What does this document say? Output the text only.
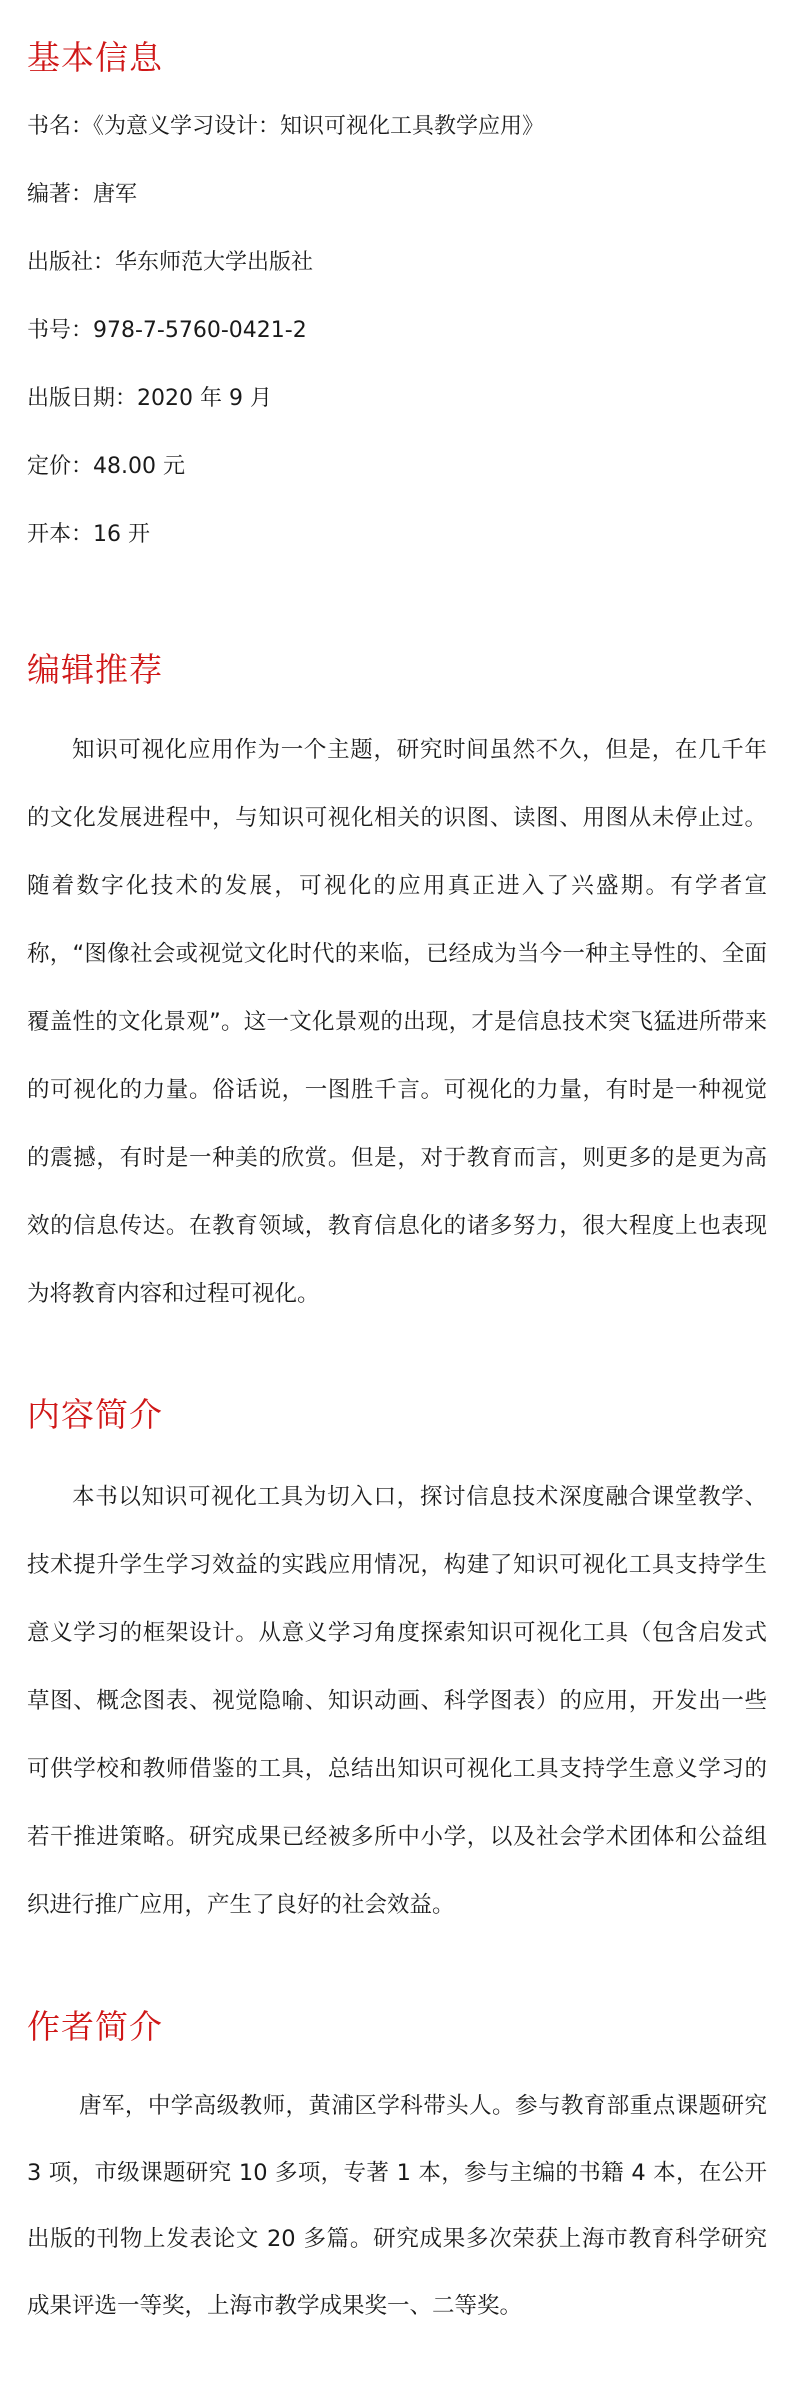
基本信息
书名：《为意义学习设计：知识可视化工具教学应用》
编著：唐军
出版社：华东师范大学出版社
书号：978-7-5760-0421-2
出版日期：2020 年 9 月
定价：48.00 元
开本：16 开
编辑推荐

知识可视化应用作为一个主题，研究时间虽然不久，但是，在几千年的文化发展进程中，与知识可视化相关的识图、读图、用图从未停止过。随着数字化技术的发展，可视化的应用真正进入了兴盛期。有学者宣称，“图像社会或视觉文化时代的来临，已经成为当今一种主导性的、全面覆盖性的文化景观”。这一文化景观的出现，才是信息技术突飞猛进所带来的可视化的力量。俗话说，一图胜千言。可视化的力量，有时是一种视觉的震撼，有时是一种美的欣赏。但是，对于教育而言，则更多的是更为高效的信息传达。在教育领域，教育信息化的诸多努力，很大程度上也表现为将教育内容和过程可视化。

内容简介

本书以知识可视化工具为切入口，探讨信息技术深度融合课堂教学、技术提升学生学习效益的实践应用情况，构建了知识可视化工具支持学生意义学习的框架设计。从意义学习角度探索知识可视化工具（包含启发式草图、概念图表、视觉隐喻、知识动画、科学图表）的应用，开发出一些可供学校和教师借鉴的工具，总结出知识可视化工具支持学生意义学习的若干推进策略。研究成果已经被多所中小学，以及社会学术团体和公益组织进行推广应用，产生了良好的社会效益。

作者简介

唐军，中学高级教师，黄浦区学科带头人。参与教育部重点课题研究 3 项，市级课题研究 10 多项，专著 1 本，参与主编的书籍 4 本，在公开出版的刊物上发表论文 20 多篇。研究成果多次荣获上海市教育科学研究成果评选一等奖，上海市教学成果奖一、二等奖。
